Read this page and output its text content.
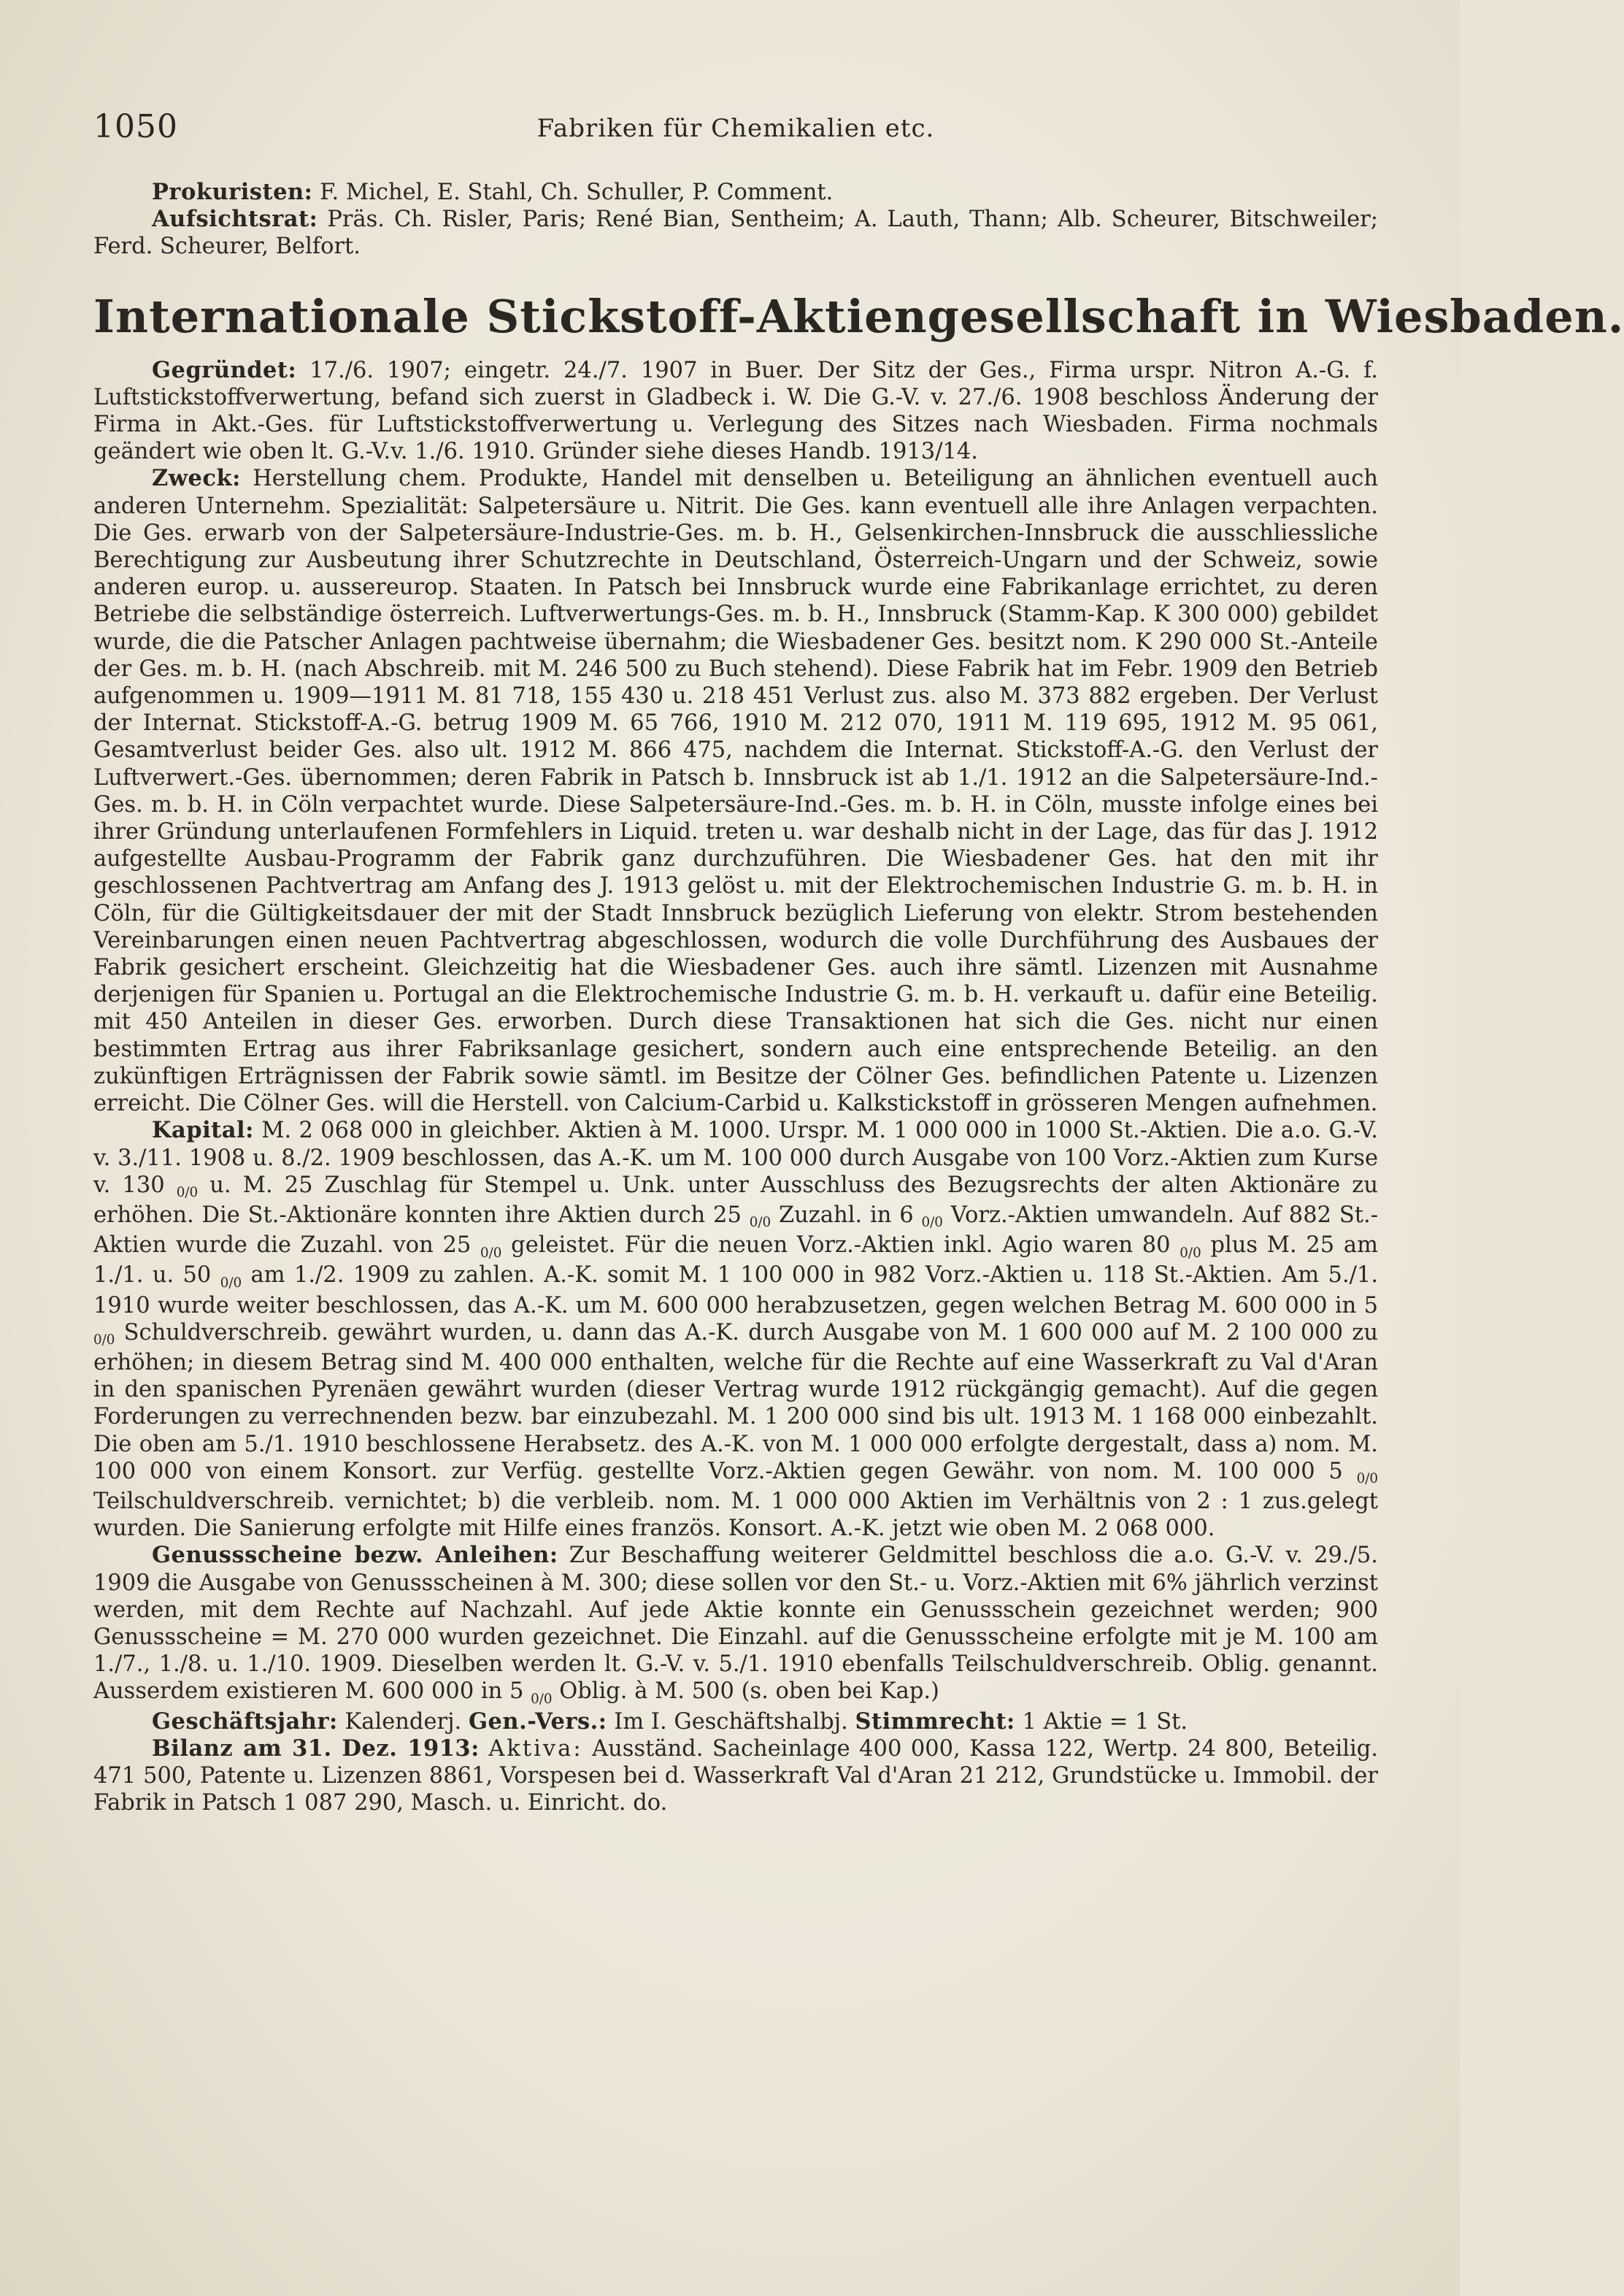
1050	Fabriken für Chemikalien etc.

Prokuristen: F. Michel, E. Stahl, Ch. Schuller, P. Comment.

Aufsichtsrat: Präs. Ch. Risler, Paris; René Bian, Sentheim; A. Lauth, Thann; Alb. Scheurer, Bitschweiler; Ferd. Scheurer, Belfort.

Internationale Stickstoff-Aktiengesellschaft in Wiesbaden.

Gegründet: 17./6. 1907; eingetr. 24./7. 1907 in Buer. Der Sitz der Ges., Firma urspr. Nitron A.-G. f. Luftstickstoffverwertung, befand sich zuerst in Gladbeck i. W. Die G.-V. v. 27./6. 1908 beschloss Änderung der Firma in Akt.-Ges. für Luftstickstoffverwertung u. Verlegung des Sitzes nach Wiesbaden. Firma nochmals geändert wie oben lt. G.-V.v. 1./6. 1910. Gründer siehe dieses Handb. 1913/14.

Zweck: Herstellung chem. Produkte, Handel mit denselben u. Beteiligung an ähnlichen eventuell auch anderen Unternehm. Spezialität: Salpetersäure u. Nitrit. Die Ges. kann eventuell alle ihre Anlagen verpachten. Die Ges. erwarb von der Salpetersäure-Industrie-Ges. m. b. H., Gelsenkirchen-Innsbruck die ausschliessliche Berechtigung zur Ausbeutung ihrer Schutzrechte in Deutschland, Österreich-Ungarn und der Schweiz, sowie anderen europ. u. aussereurop. Staaten. In Patsch bei Innsbruck wurde eine Fabrikanlage errichtet, zu deren Betriebe die selbständige österreich. Luftverwertungs-Ges. m. b. H., Innsbruck (Stamm-Kap. K 300 000) gebildet wurde, die die Patscher Anlagen pachtweise übernahm; die Wiesbadener Ges. besitzt nom. K 290 000 St.-Anteile der Ges. m. b. H. (nach Abschreib. mit M. 246 500 zu Buch stehend). Diese Fabrik hat im Febr. 1909 den Betrieb aufgenommen u. 1909—1911 M. 81 718, 155 430 u. 218 451 Verlust zus. also M. 373 882 ergeben. Der Verlust der Internat. Stickstoff-A.-G. betrug 1909 M. 65 766, 1910 M. 212 070, 1911 M. 119 695, 1912 M. 95 061, Gesamtverlust beider Ges. also ult. 1912 M. 866 475, nachdem die Internat. Stickstoff-A.-G. den Verlust der Luftverwert.-Ges. übernommen; deren Fabrik in Patsch b. Innsbruck ist ab 1./1. 1912 an die Salpetersäure-Ind.-Ges. m. b. H. in Cöln verpachtet wurde. Diese Salpetersäure-Ind.-Ges. m. b. H. in Cöln, musste infolge eines bei ihrer Gründung unterlaufenen Formfehlers in Liquid. treten u. war deshalb nicht in der Lage, das für das J. 1912 aufgestellte Ausbau-Programm der Fabrik ganz durchzuführen. Die Wiesbadener Ges. hat den mit ihr geschlossenen Pachtvertrag am Anfang des J. 1913 gelöst u. mit der Elektrochemischen Industrie G. m. b. H. in Cöln, für die Gültigkeitsdauer der mit der Stadt Innsbruck bezüglich Lieferung von elektr. Strom bestehenden Vereinbarungen einen neuen Pachtvertrag abgeschlossen, wodurch die volle Durchführung des Ausbaues der Fabrik gesichert erscheint. Gleichzeitig hat die Wiesbadener Ges. auch ihre sämtl. Lizenzen mit Ausnahme derjenigen für Spanien u. Portugal an die Elektrochemische Industrie G. m. b. H. verkauft u. dafür eine Beteilig. mit 450 Anteilen in dieser Ges. erworben. Durch diese Transaktionen hat sich die Ges. nicht nur einen bestimmten Ertrag aus ihrer Fabriksanlage gesichert, sondern auch eine entsprechende Beteilig. an den zukünftigen Erträgnissen der Fabrik sowie sämtl. im Besitze der Cölner Ges. befindlichen Patente u. Lizenzen erreicht. Die Cölner Ges. will die Herstell. von Calcium-Carbid u. Kalkstickstoff in grösseren Mengen aufnehmen.

Kapital: M. 2 068 000 in gleichber. Aktien à M. 1000. Urspr. M. 1 000 000 in 1000 St.-Aktien. Die a.o. G.-V. v. 3./11. 1908 u. 8./2. 1909 beschlossen, das A.-K. um M. 100 000 durch Ausgabe von 100 Vorz.-Aktien zum Kurse v. 130 $_{0/0}$ u. M. 25 Zuschlag für Stempel u. Unk. unter Ausschluss des Bezugsrechts der alten Aktionäre zu erhöhen. Die St.-Aktionäre konnten ihre Aktien durch 25 $_{0/0}$ Zuzahl. in 6 $_{0/0}$ Vorz.-Aktien umwandeln. Auf 882 St.-Aktien wurde die Zuzahl. von 25 $_{0/0}$ geleistet. Für die neuen Vorz.-Aktien inkl. Agio waren 80 $_{0/0}$ plus M. 25 am 1./1. u. 50 $_{0/0}$ am 1./2. 1909 zu zahlen. A.-K. somit M. 1 100 000 in 982 Vorz.-Aktien u. 118 St.-Aktien. Am 5./1. 1910 wurde weiter beschlossen, das A.-K. um M. 600 000 herabzusetzen, gegen welchen Betrag M. 600 000 in 5 $_{0/0}$ Schuldverschreib. gewährt wurden, u. dann das A.-K. durch Ausgabe von M. 1 600 000 auf M. 2 100 000 zu erhöhen; in diesem Betrag sind M. 400 000 enthalten, welche für die Rechte auf eine Wasserkraft zu Val d'Aran in den spanischen Pyrenäen gewährt wurden (dieser Vertrag wurde 1912 rückgängig gemacht). Auf die gegen Forderungen zu verrechnenden bezw. bar einzubezahl. M. 1 200 000 sind bis ult. 1913 M. 1 168 000 einbezahlt. Die oben am 5./1. 1910 beschlossene Herabsetz. des A.-K. von M. 1 000 000 erfolgte dergestalt, dass a) nom. M. 100 000 von einem Konsort. zur Verfüg. gestellte Vorz.-Aktien gegen Gewähr. von nom. M. 100 000 5 $_{0/0}$ Teilschuldverschreib. vernichtet; b) die verbleib. nom. M. 1 000 000 Aktien im Verhältnis von 2 : 1 zus.gelegt wurden. Die Sanierung erfolgte mit Hilfe eines französ. Konsort. A.-K. jetzt wie oben M. 2 068 000.

Genussscheine bezw. Anleihen: Zur Beschaffung weiterer Geldmittel beschloss die a.o. G.-V. v. 29./5. 1909 die Ausgabe von Genussscheinen à M. 300; diese sollen vor den St.- u. Vorz.-Aktien mit 6% jährlich verzinst werden, mit dem Rechte auf Nachzahl. Auf jede Aktie konnte ein Genussschein gezeichnet werden; 900 Genussscheine = M. 270 000 wurden gezeichnet. Die Einzahl. auf die Genussscheine erfolgte mit je M. 100 am 1./7., 1./8. u. 1./10. 1909. Dieselben werden lt. G.-V. v. 5./1. 1910 ebenfalls Teilschuldverschreib. Oblig. genannt. Ausserdem existieren M. 600 000 in 5 $_{0/0}$ Oblig. à M. 500 (s. oben bei Kap.)

Geschäftsjahr: Kalenderj. Gen.-Vers.: Im I. Geschäftshalbj. Stimmrecht: 1 Aktie = 1 St.

Bilanz am 31. Dez. 1913: Aktiva: Ausständ. Sacheinlage 400 000, Kassa 122, Wertp. 24 800, Beteilig. 471 500, Patente u. Lizenzen 8861, Vorspesen bei d. Wasserkraft Val d'Aran 21 212, Grundstücke u. Immobil. der Fabrik in Patsch 1 087 290, Masch. u. Einricht. do.
